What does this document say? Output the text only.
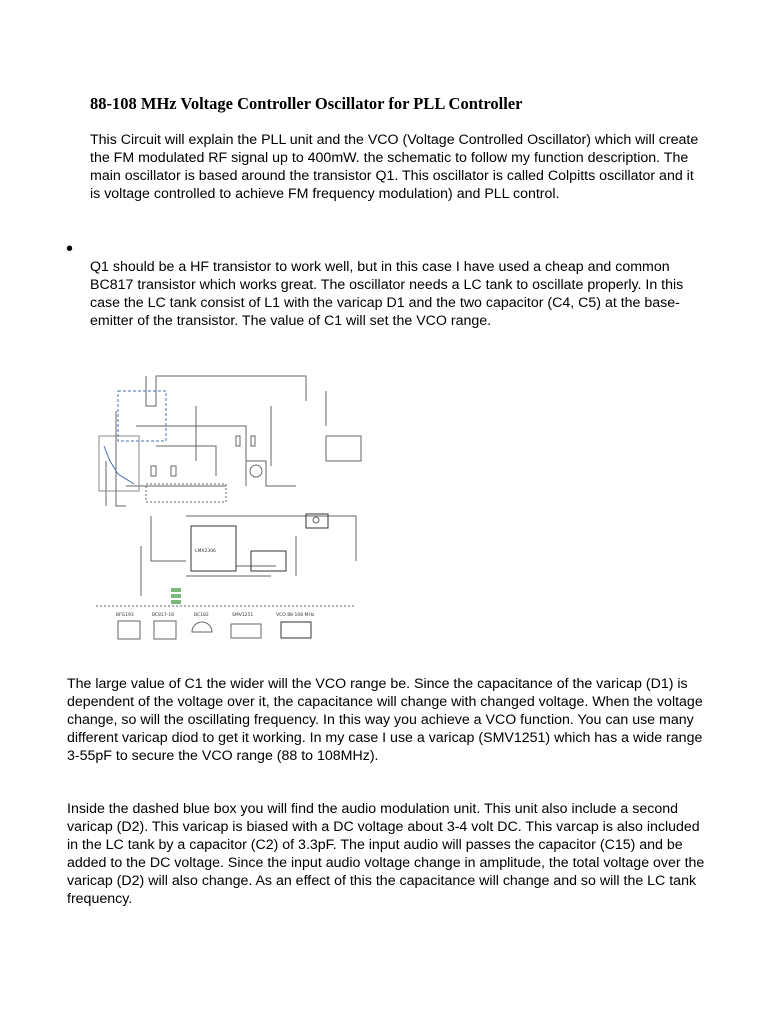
88-108 MHz Voltage Controller Oscillator for PLL Controller

This Circuit will explain the PLL unit and the VCO (Voltage Controlled Oscillator) which will create the FM modulated RF signal up to 400mW. the schematic to follow my function description. The main oscillator is based around the transistor Q1. This oscillator is called Colpitts oscillator and it is voltage controlled to achieve FM frequency modulation) and PLL control.

•

Q1 should be a HF transistor to work well, but in this case I have used a cheap and common BC817 transistor which works great. The oscillator needs a LC tank to oscillate properly. In this case the LC tank consist of L1 with the varicap D1 and the two capacitor (C4, C5) at the base-emitter of the transistor. The value of C1 will set the VCO range.

LMX2306
BFG193	BC817-16	BC182	SMV1251	VCO 88-108 MHz

The large value of C1 the wider will the VCO range be. Since the capacitance of the varicap (D1) is dependent of the voltage over it, the capacitance will change with changed voltage. When the voltage change, so will the oscillating frequency. In this way you achieve a VCO function. You can use many different varicap diod to get it working. In my case I use a varicap (SMV1251) which has a wide range 3-55pF to secure the VCO range (88 to 108MHz).

Inside the dashed blue box you will find the audio modulation unit. This unit also include a second varicap (D2). This varicap is biased with a DC voltage about 3-4 volt DC. This varcap is also included in the LC tank by a capacitor (C2) of 3.3pF. The input audio will passes the capacitor (C15) and be added to the DC voltage. Since the input audio voltage change in amplitude, the total voltage over the varicap (D2) will also change. As an effect of this the capacitance will change and so will the LC tank frequency.
